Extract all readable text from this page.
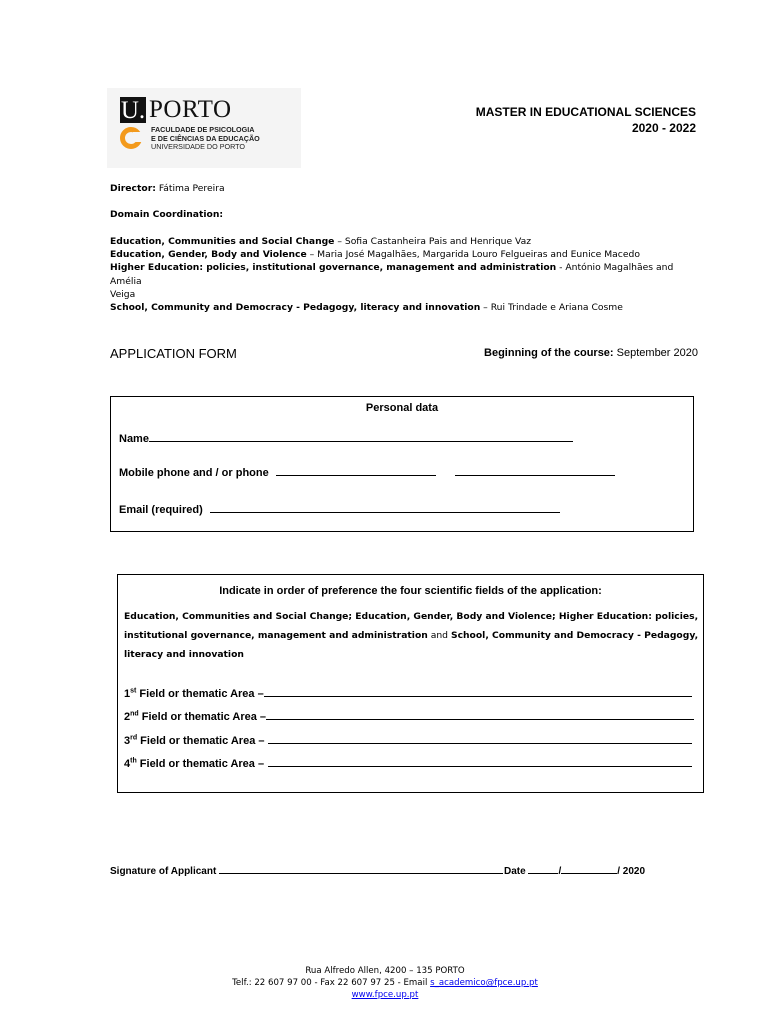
U. PORTO
FACULDADE DE PSICOLOGIA
E DE CIÊNCIAS DA EDUCAÇÃO
UNIVERSIDADE DO PORTO
MASTER IN EDUCATIONAL SCIENCES
2020 - 2022
Director: Fátima Pereira
Domain Coordination:
Education, Communities and Social Change – Sofia Castanheira Pais and Henrique Vaz
Education, Gender, Body and Violence – Maria José Magalhães, Margarida Louro Felgueiras and Eunice Macedo
Higher Education: policies, institutional governance, management and administration - António Magalhães and Amélia
Veiga
School, Community and Democracy - Pedagogy, literacy and innovation – Rui Trindade e Ariana Cosme
APPLICATION FORM	Beginning of the course: September 2020
Personal data
Name
Mobile phone and / or phone
Email (required)
Indicate in order of preference the four scientific fields of the application:
Education, Communities and Social Change; Education, Gender, Body and Violence; Higher Education: policies,
institutional governance, management and administration and School, Community and Democracy - Pedagogy,
literacy and innovation
1st Field or thematic Area –
2nd Field or thematic Area –
3rd Field or thematic Area –
4th Field or thematic Area –
Signature of Applicant	Date	/	/ 2020
Rua Alfredo Allen, 4200 – 135 PORTO
Telf.: 22 607 97 00 - Fax 22 607 97 25 - Email s_academico@fpce.up.pt
www.fpce.up.pt
